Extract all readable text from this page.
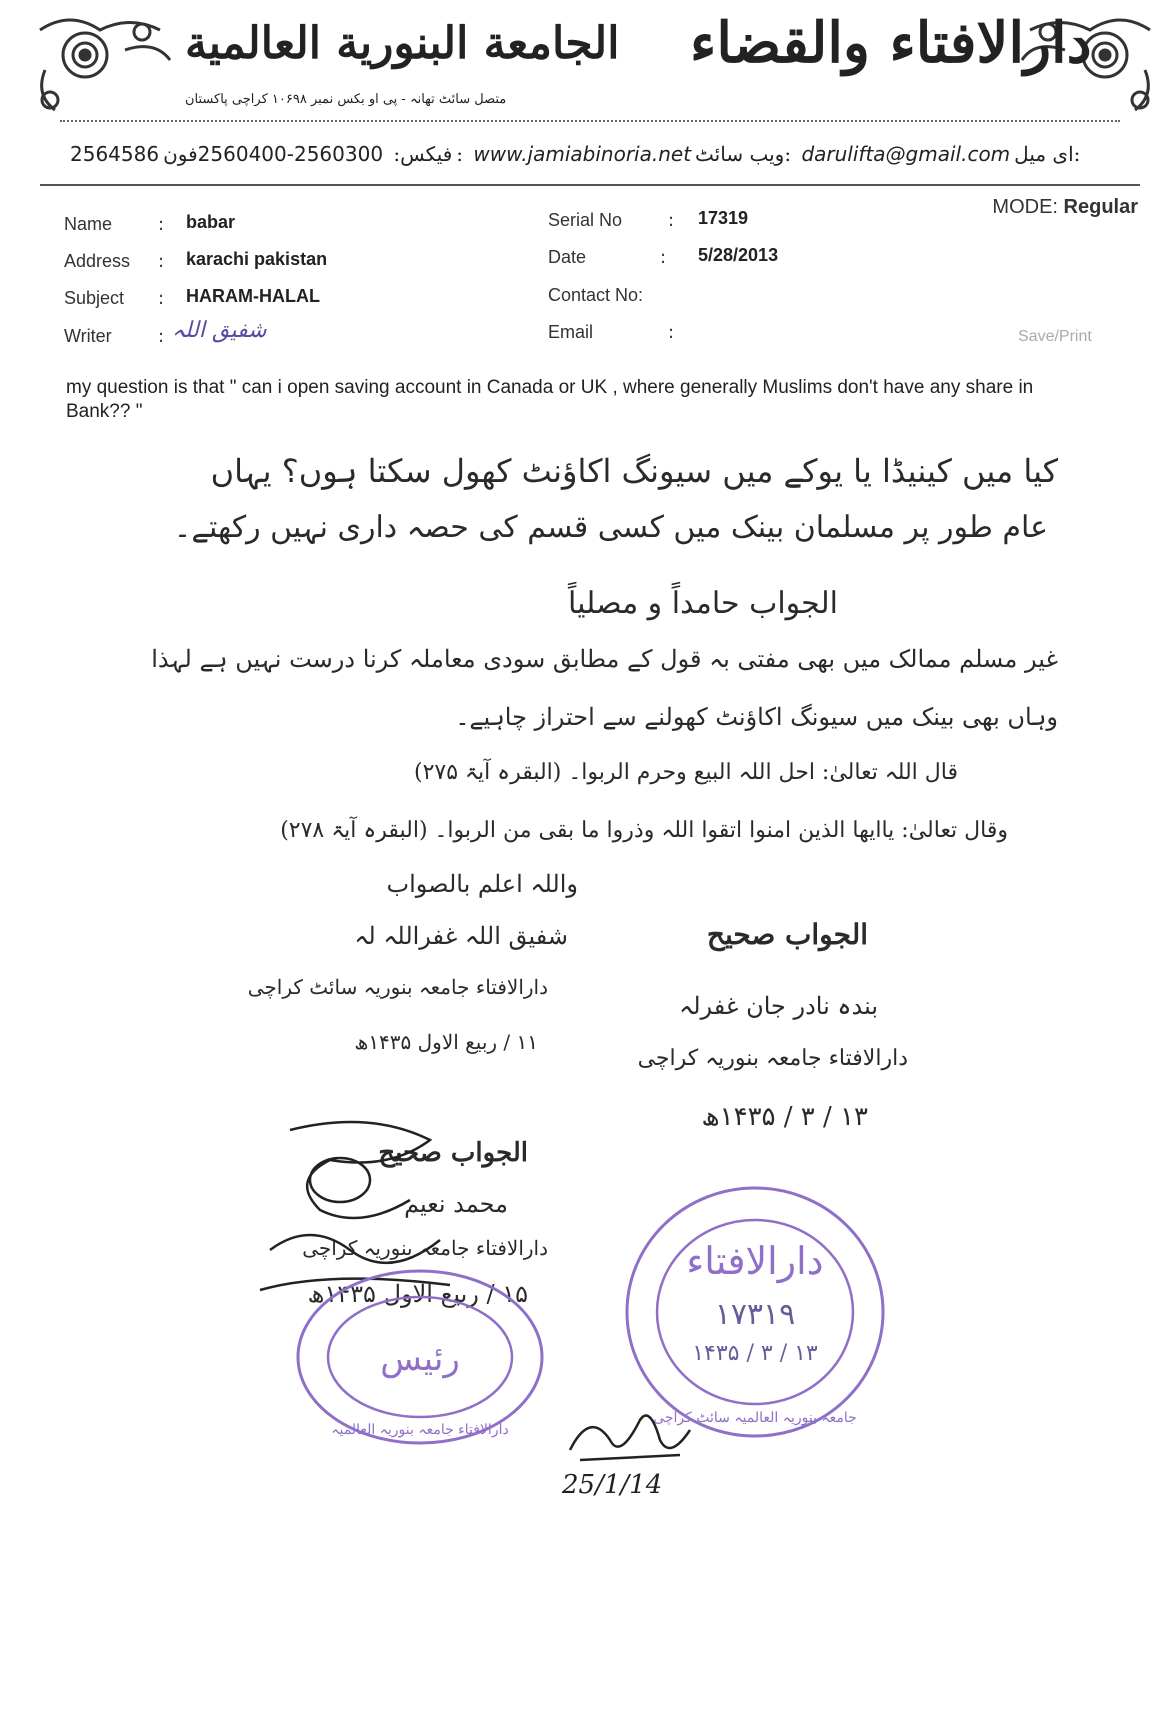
الجامعة البنورية العالمية
متصل سائٹ تھانہ - پی او بکس نمبر ۱۰۶۹۸ کراچی پاکستان
دارالافتاء والقضاء
2564586	فیکس: 2560300-2560400فون: www.jamiabinoria.net ویب سائٹ: darulifta@gmail.com ای میل:
Name	: babar
Address : karachi pakistan
Subject : HARAM-HALAL
Writer	: شفیق اللہ
Serial No	: 17319
Date	: 5/28/2013
Contact No:
Email	:
MODE: Regular
Save/Print
my question is that " can i open saving account in Canada or UK , where generally Muslims don't have any share in Bank?? "
کیا میں کینیڈا یا یوکے میں سیونگ اکاؤنٹ کھول سکتا ہوں؟ یہاں
عام طور پر مسلمان بینک میں کسی قسم کی حصہ داری نہیں رکھتے۔
الجواب حامداً و مصلیاً
غیر مسلم ممالک میں بھی مفتی بہ قول کے مطابق سودی معاملہ کرنا درست نہیں ہے لہذا
وہاں بھی بینک میں سیونگ اکاؤنٹ کھولنے سے احتراز چاہیے۔
قال اللہ تعالیٰ: احل اللہ البیع وحرم الربوا۔ (البقرہ آیۃ ۲۷۵)
وقال تعالیٰ: یاایھا الذین امنوا اتقوا اللہ وذروا ما بقی من الربوا۔ (البقرہ آیۃ ۲۷۸)
واللہ اعلم بالصواب
شفیق اللہ غفراللہ لہ
دارالافتاء جامعہ بنوریہ سائٹ کراچی
۱۱ / ربیع الاول ۱۴۳۵ھ
الجواب صحیح
بندہ نادر جان غفرلہ
دارالافتاء جامعہ بنوریہ کراچی
۱۳ / ۳ / ۱۴۳۵ھ
الجواب صحیح
محمد نعیم
دارالافتاء جامعہ بنوریہ کراچی
۱۵ / ربیع الاول ۱۴۳۵ھ
رئیس
دارالافتاء جامعہ بنوریہ العالمیہ
دارالافتاء
۱۷۳۱۹
۱۴۳۵ / ۳ / ۱۳
جامعہ بنوریہ العالمیہ سائٹ کراچی
25/1/14
